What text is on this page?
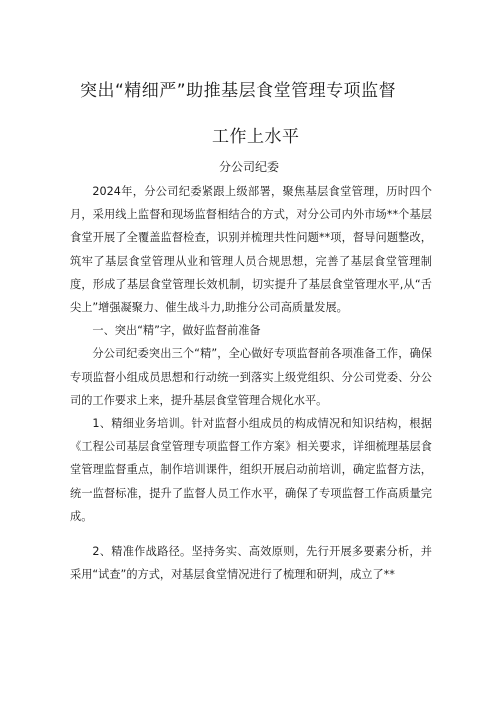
突出“精细严”助推基层食堂管理专项监督
工作上水平

分公司纪委

2024年，分公司纪委紧跟上级部署，聚焦基层食堂管理，历时四个月，采用线上监督和现场监督相结合的方式，对分公司内外市场**个基层食堂开展了全覆盖监督检查，识别并梳理共性问题**项，督导问题整改，筑牢了基层食堂管理从业和管理人员合规思想，完善了基层食堂管理制度，形成了基层食堂管理长效机制，切实提升了基层食堂管理水平,从“舌尖上”增强凝聚力、催生战斗力,助推分公司高质量发展。

一、突出“精”字，做好监督前准备

分公司纪委突出三个“精”，全心做好专项监督前各项准备工作，确保专项监督小组成员思想和行动统一到落实上级党组织、分公司党委、分公司的工作要求上来，提升基层食堂管理合规化水平。

1、精细业务培训。针对监督小组成员的构成情况和知识结构，根据《工程公司基层食堂管理专项监督工作方案》相关要求，详细梳理基层食堂管理监督重点，制作培训课件，组织开展启动前培训，确定监督方法，统一监督标准，提升了监督人员工作水平，确保了专项监督工作高质量完成。

2、精准作战路径。坚持务实、高效原则，先行开展多要素分析，并采用“试查”的方式，对基层食堂情况进行了梳理和研判，成立了**
